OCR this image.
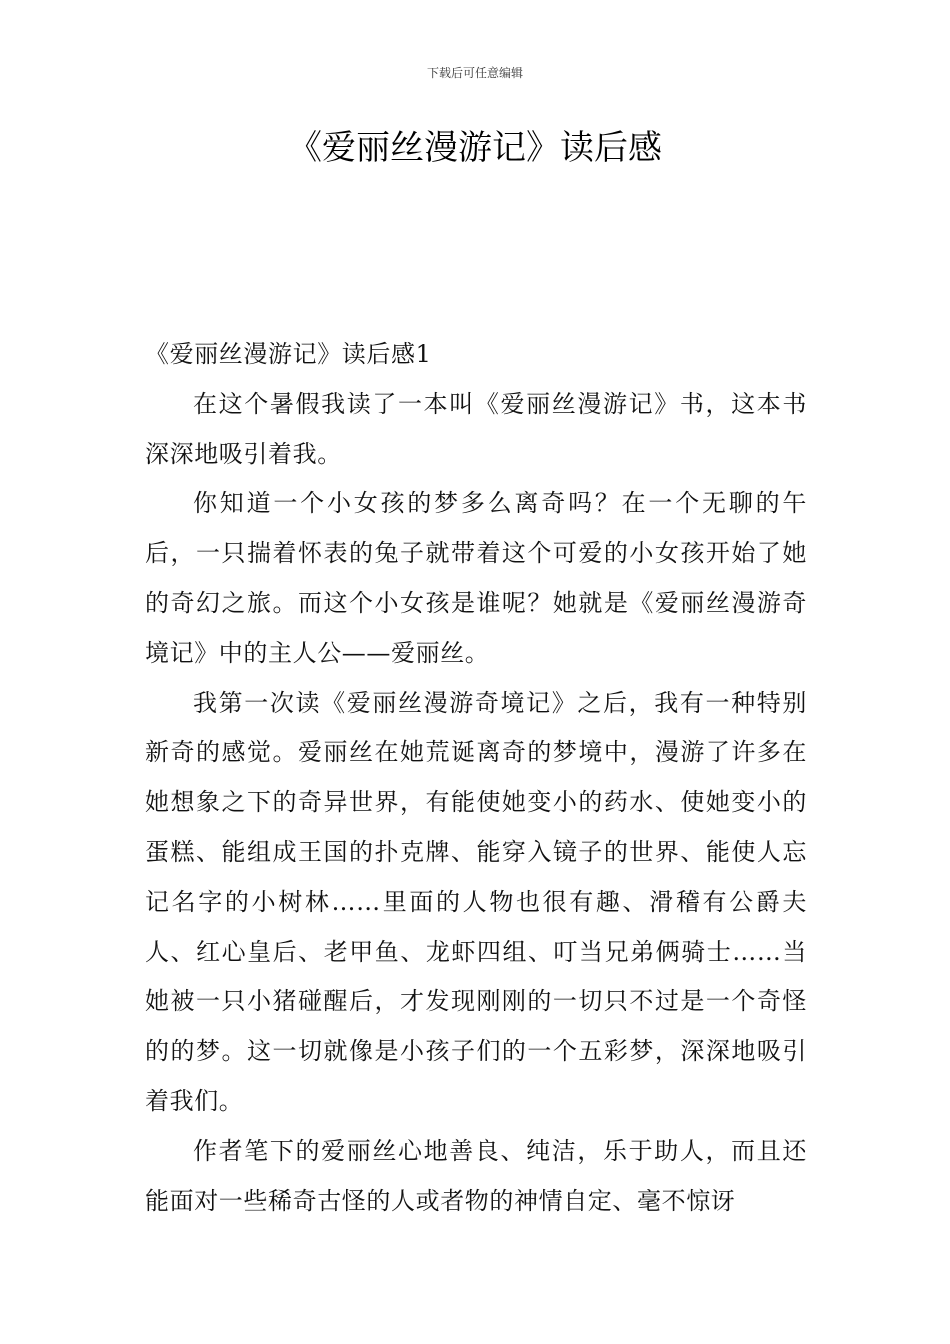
下载后可任意编辑
《爱丽丝漫游记》读后感
《爱丽丝漫游记》读后感1

在这个暑假我读了一本叫《爱丽丝漫游记》书，这本书深深地吸引着我。

你知道一个小女孩的梦多么离奇吗？在一个无聊的午后，一只揣着怀表的兔子就带着这个可爱的小女孩开始了她的奇幻之旅。而这个小女孩是谁呢？她就是《爱丽丝漫游奇境记》中的主人公——爱丽丝。

我第一次读《爱丽丝漫游奇境记》之后，我有一种特别新奇的感觉。爱丽丝在她荒诞离奇的梦境中，漫游了许多在她想象之下的奇异世界，有能使她变小的药水、使她变小的蛋糕、能组成王国的扑克牌、能穿入镜子的世界、能使人忘记名字的小树林……里面的人物也很有趣、滑稽有公爵夫人、红心皇后、老甲鱼、龙虾四组、叮当兄弟俩骑士……当她被一只小猪碰醒后，才发现刚刚的一切只不过是一个奇怪的的梦。这一切就像是小孩子们的一个五彩梦，深深地吸引着我们。

作者笔下的爱丽丝心地善良、纯洁，乐于助人，而且还能面对一些稀奇古怪的人或者物的神情自定、毫不惊讶
